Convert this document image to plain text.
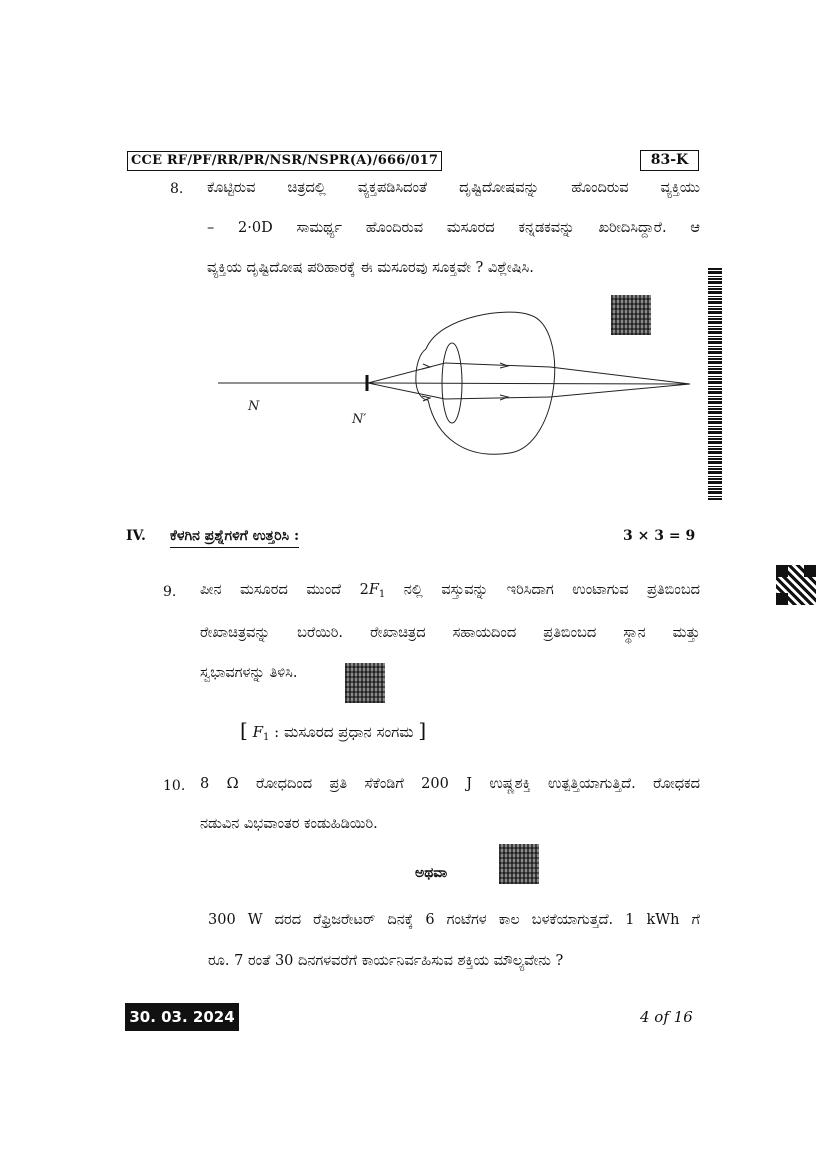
CCE RF/PF/RR/PR/NSR/NSPR(A)/666/017	83-K
8. ಕೊಟ್ಟಿರುವ ಚಿತ್ರದಲ್ಲಿ ವ್ಯಕ್ತಪಡಿಸಿದಂತೆ ದೃಷ್ಟಿದೋಷವನ್ನು ಹೊಂದಿರುವ ವ್ಯಕ್ತಿಯು
– 2·0D ಸಾಮರ್ಥ್ಯ ಹೊಂದಿರುವ ಮಸೂರದ ಕನ್ನಡಕವನ್ನು ಖರೀದಿಸಿದ್ದಾರೆ. ಆ
ವ್ಯಕ್ತಿಯ ದೃಷ್ಟಿದೋಷ ಪರಿಹಾರಕ್ಕೆ ಈ ಮಸೂರವು ಸೂಕ್ತವೇ ? ವಿಶ್ಲೇಷಿಸಿ.
N
N′
IV. ಕೆಳಗಿನ ಪ್ರಶ್ನೆಗಳಿಗೆ ಉತ್ತರಿಸಿ :	3 × 3 = 9
9. ಪೀನ ಮಸೂರದ ಮುಂದೆ $2F_1$ ನಲ್ಲಿ ವಸ್ತುವನ್ನು ಇರಿಸಿದಾಗ ಉಂಟಾಗುವ ಪ್ರತಿಬಿಂಬದ
ರೇಖಾಚಿತ್ರವನ್ನು ಬರೆಯಿರಿ. ರೇಖಾಚಿತ್ರದ ಸಹಾಯದಿಂದ ಪ್ರತಿಬಿಂಬದ ಸ್ಥಾನ ಮತ್ತು
ಸ್ವಭಾವಗಳನ್ನು ತಿಳಿಸಿ.
[ $F_1$ : ಮಸೂರದ ಪ್ರಧಾನ ಸಂಗಮ ]
10. 8 Ω ರೋಧದಿಂದ ಪ್ರತಿ ಸೆಕೆಂಡಿಗೆ 200 J ಉಷ್ಣಶಕ್ತಿ ಉತ್ಪತ್ತಿಯಾಗುತ್ತಿದೆ. ರೋಧಕದ
ನಡುವಿನ ವಿಭವಾಂತರ ಕಂಡುಹಿಡಿಯಿರಿ.
ಅಥವಾ
300 W ದರದ ರೆಫ್ರಿಜರೇಟರ್ ದಿನಕ್ಕೆ 6 ಗಂಟೆಗಳ ಕಾಲ ಬಳಕೆಯಾಗುತ್ತದೆ. 1 kWh ಗೆ
ರೂ. 7 ರಂತೆ 30 ದಿನಗಳವರೆಗೆ ಕಾರ್ಯನಿರ್ವಹಿಸುವ ಶಕ್ತಿಯ ಮೌಲ್ಯವೇನು ?
30. 03. 2024	4 of 16
